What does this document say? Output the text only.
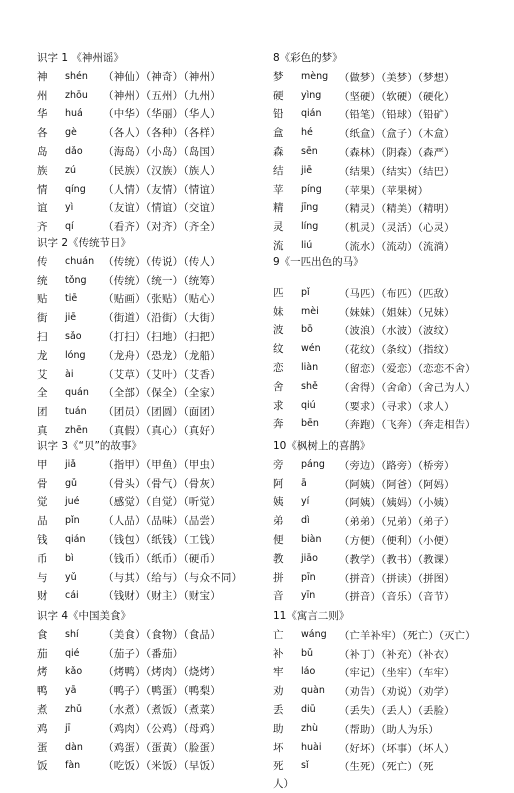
识字 1 《神州谣》
神	shén	（神仙）（神奇）（神州）
州	zhōu	（神州）（五州）（九州）
华	huá	（中华）（华丽）（华人）
各	gè	（各人）（各种）（各样）
岛	dǎo	（海岛）（小岛）（岛国）
族	zú	（民族）（汉族）（族人）
情	qíng	（人情）（友情）（情谊）
谊	yì	（友谊）（情谊）（交谊）
齐	qí	（看齐）（对齐）（齐全）
识字 2《传统节日》
传	chuán （传统）（传说）（传人）
统	tǒng	（传统）（统一）（统筹）
贴	tiē	（贴画）（张贴）（贴心）
街	jiē	（街道）（沿街）（大街）
扫	sǎo	（打扫）（扫地）（扫把）
龙	lóng	（龙舟）（恐龙）（龙船）
艾	ài	（艾草）（艾叶）（艾香）
全	quán	（全部）（保全）（全家）
团	tuán	（团员）（团圆）（面团）
真	zhēn	（真假）（真心）（真好）
识字 3《“贝”的故事》
甲	jiǎ	（指甲）（甲鱼）（甲虫）
骨	gǔ	（骨头）（骨气）（骨灰）
觉	jué	（感觉）（自觉）（听觉）
品	pǐn	（人品）（品味）（品尝）
钱	qián	（钱包）（纸钱）（工钱）
币	bì	（钱币）（纸币）（硬币）
与	yǔ	（与其）（给与）（与众不同）
财	cái	（钱财）（财主）（财宝）
识字 4《中国美食》
食	shí	（美食）（食物）（食品）
茄	qié	（茄子）（番茄）
烤	kǎo	（烤鸭）（烤肉）（烧烤）
鸭	yā	（鸭子）（鸭蛋）（鸭梨）
煮	zhǔ	（水煮）（煮饭）（煮菜）
鸡	jī	（鸡肉）（公鸡）（母鸡）
蛋	dàn	（鸡蛋）（蛋黄）（脸蛋）
饭	fàn	（吃饭）（米饭）（早饭）
8《彩色的梦》
梦	mèng	（做梦）（美梦）（梦想）
硬	yìng	（坚硬）（软硬）（硬化）
铅	qián	（铅笔）（铅球）（铅矿）
盒	hé	（纸盒）（盒子）（木盒）
森	sēn	（森林）（阴森）（森严）
结	jiē	（结果）（结实）（结巴）
苹	píng	（苹果）（苹果树）
精	jīng	（精灵）（精美）（精明）
灵	líng	（机灵）（灵活）（心灵）
流	liú	（流水）（流动）（流淌）
9《一匹出色的马》
匹	pǐ	（马匹）（布匹）（匹敌）
妹	mèi	（妹妹）（姐妹）（兄妹）
波	bō	（波浪）（水波）（波纹）
纹	wén	（花纹）（条纹）（指纹）
恋	liàn	（留恋）（爱恋）（恋恋不舍）
舍	shě	（舍得）（舍命）（舍己为人）
求	qiú	（要求）（寻求）（求人）
奔	bēn	（奔跑）（飞奔）（奔走相告）
10《枫树上的喜鹊》
旁	páng	（旁边）（路旁）（桥旁）
阿	ā	（阿姨）（阿爸）（阿妈）
姨	yí	（阿姨）（姨妈）（小姨）
弟	dì	（弟弟）（兄弟）（弟子）
便	biàn	（方便）（便利）（小便）
教	jiāo	（教学）（教书）（教课）
拼	pīn	（拼音）（拼读）（拼图）
音	yīn	（拼音）（音乐）（音节）
11《寓言二则》
亡	wáng	（亡羊补牢）（死亡）（灭亡）
补	bǔ	（补丁）（补充）（补衣）
牢	láo	（牢记）（坐牢）（车牢）
劝	quàn	（劝告）（劝说）（劝学）
丢	diū	（丢失）（丢人）（丢脸）
助	zhù	（帮助）（助人为乐）
坏	huài	（好坏）（坏事）（坏人）
死	sǐ	（生死）（死亡）（死
人）
